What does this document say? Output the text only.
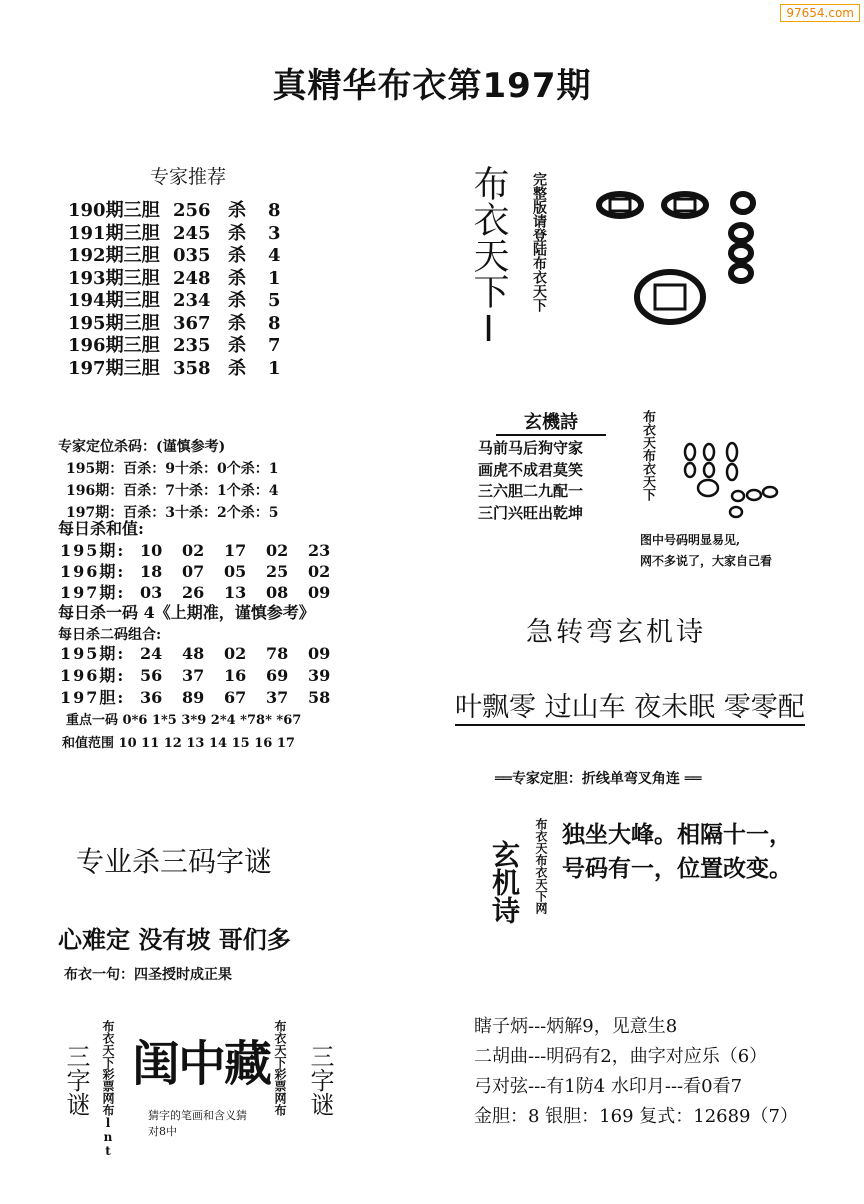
97654.com
真精华布衣第197期
专家推荐
190期三胆 256 杀	8
191期三胆 245 杀	3
192期三胆 035 杀	4
193期三胆 248 杀	1
194期三胆 234 杀	5
195期三胆 367 杀	8
196期三胆 235 杀	7
197期三胆 358 杀	1
专家定位杀码：(谨慎参考)
195期：百杀：9十杀：0个杀：1
196期：百杀：7十杀：1个杀：4
197期：百杀：3十杀：2个杀：5
每日杀和值:
195期: 10	02	17	02	23
196期: 18	07	05	25	02
197期: 03	26	13	08	09
每日杀一码 4《上期准，谨慎参考》
每日杀二码组合:
195期: 24	48	02	78	09
196期: 56	37	16	69	39
197胆: 36	89	67	37	58
重点一码 0*6 1*5 3*9 2*4 *78* *67
和值范围 10 11 12 13 14 15 16 17
布衣天下I 完整版请登陆布衣天下
玄機詩
马前马后狗守家
画虎不成君莫笑
三六胆二九配一
三门兴旺出乾坤
布衣天布衣天下
图中号码明显易见,
网不多说了，大家自己看
急转弯玄机诗
叶飘零 过山车 夜未眠 零零配
══专家定胆：折线单弯叉角连 ══
玄机诗 布衣天布衣天下网 独坐大峰。相隔十一，
号码有一，位置改变。
瞎子炳---炳解9，见意生8
二胡曲---明码有2，曲字对应乐（6）
弓对弦---有1防4 水印月---看0看7
金胆：8 银胆：169 复式：12689（7）
专业杀三码字谜
心难定 没有坡 哥们多
布衣一句：四圣授时成正果
三字谜 布衣天下彩票网布lnt 闺中藏
猜字的笔画和含义猜
对8中
布衣天下彩票网布 三字谜
